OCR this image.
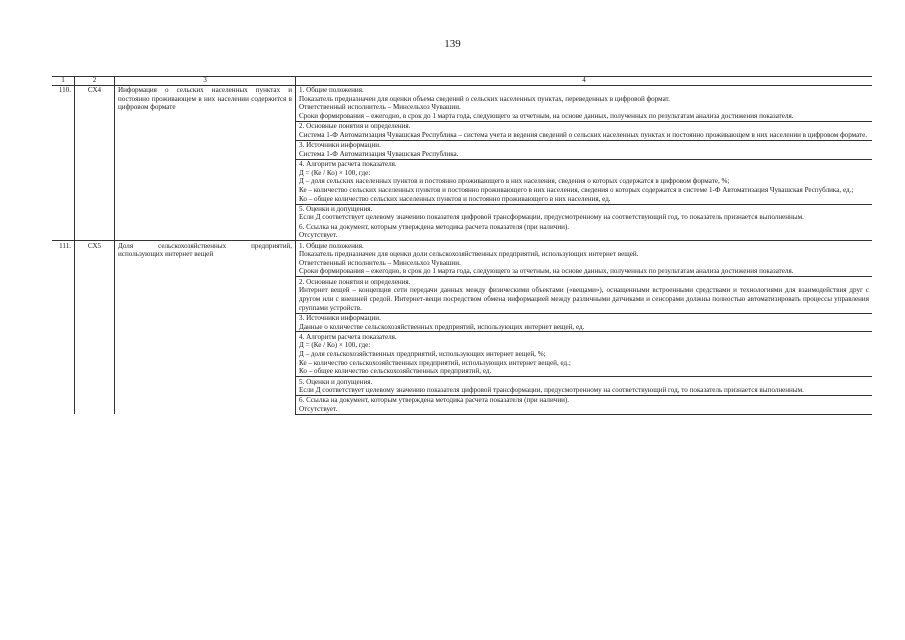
139
1	2	3	4
110.	СХ4	Информация о сельских населенных пунктах и постоянно проживающем в них населении содержится в цифровом формате	1. Общие положения.
Показатель предназначен для оценки объема сведений о сельских населенных пунктах, переведенных в цифровой формат.
Ответственный исполнитель – Минсельхоз Чувашии.
Сроки формирования – ежегодно, в срок до 1 марта года, следующего за отчетным, на основе данных, полученных по результатам анализа достижения показателя.

			2. Основные понятия и определения.
Система 1-Ф Автоматизация Чувашская Республика – система учета и ведения сведений о сельских населенных пунктах и постоянно проживающем в них населении в цифровом формате.

			3. Источники информации.
Система 1-Ф Автоматизация Чувашская Республика.

			4. Алгоритм расчета показателя.
Д = (Ке / Ко) × 100, где:
Д – доля сельских населенных пунктов и постоянно проживающего в них населения, сведения о которых содержатся в цифровом формате, %;
Ке – количество сельских населенных пунктов и постоянно проживающего в них населения, сведения о которых содержатся в системе 1-Ф Автоматизация Чувашская Республика, ед.;
Ко – общее количество сельских населенных пунктов и постоянно проживающего в них населения, ед.

			5. Оценки и допущения.
Если Д соответствует целевому значению показателя цифровой трансформации, предусмотренному на соответствующий год, то показатель признается выполненным.

			6. Ссылка на документ, которым утверждена методика расчета показателя (при наличии).
Отсутствует.

111.	СХ5	Доля сельскохозяйственных предприятий, использующих интернет вещей	1. Общие положения.
Показатель предназначен для оценки доли сельскохозяйственных предприятий, использующих интернет вещей.
Ответственный исполнитель – Минсельхоз Чувашии.
Сроки формирования – ежегодно, в срок до 1 марта года, следующего за отчетным, на основе данных, полученных по результатам анализа достижения показателя.

			2. Основные понятия и определения.
Интернет вещей – концепция сети передачи данных между физическими объектами («вещами»), оснащенными встроенными средствами и технологиями для взаимодействия друг с другом или с внешней средой. Интернет-вещи посредством обмена информацией между различными датчиками и сенсорами должны полностью автоматизировать процессы управления группами устройств.

			3. Источники информации.
Данные о количестве сельскохозяйственных предприятий, использующих интернет вещей, ед.

			4. Алгоритм расчета показателя.
Д = (Ке / Ко) × 100, где:
Д – доля сельскохозяйственных предприятий, использующих интернет вещей, %;
Ке – количество сельскохозяйственных предприятий, использующих интернет вещей, ед.;
Ко – общее количество сельскохозяйственных предприятий, ед.

			5. Оценки и допущения.
Если Д соответствует целевому значению показателя цифровой трансформации, предусмотренному на соответствующий год, то показатель признается выполненным.

			6. Ссылка на документ, которым утверждена методика расчета показателя (при наличии).
Отсутствует.
